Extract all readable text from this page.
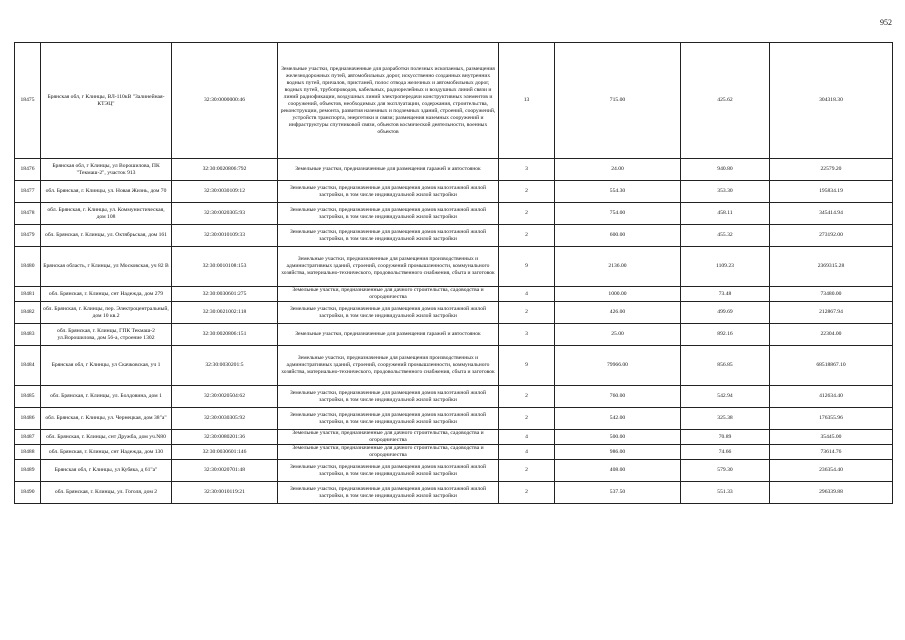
952
18475	Брянская обл, г Клинцы, ВЛ-110кВ "Залинейная-КТЭЦ"	32:30:0000000:46	Земельные участки, предназначенные для разработки полезных ископаемых, размещения железнодорожных путей, автомобильных дорог, искусственно созданных внутренних водных путей, причалов, пристаней, полос отвода железных и автомобильных дорог, водных путей, трубопроводов, кабельных, радиорелейных и воздушных линий связи и линий радиофикации, воздушных линий электропередачи конструктивных элементов и сооружений, объектов, необходимых для эксплуатации, содержания, строительства, реконструкции, ремонта, развития наземных и подземных зданий, строений, сооружений, устройств транспорта, энергетики и связи; размещения наземных сооружений и инфраструктуры спутниковой связи, объектов космической деятельности, военных объектов	13	715.00	425.62	304318.30
18476	Брянская обл, г Клинцы, ул Ворошилова, ПК "Текмаш-2", участок 913	32:30:0020806:792	Земельные участки, предназначенные для размещения гаражей и автостоянок	3	24.00	940.80	22579.20
18477	обл. Брянская, г. Клинцы, ул. Новая Жизнь, дом 70	32:30:0030109:12	Земельные участки, предназначенные для размещения домов малоэтажной жилой застройки, в том числе индивидуальной жилой застройки	2	554.30	353.30	195834.19
18478	обл. Брянская, г. Клинцы, ул. Коммунистическая, дом 108	32:30:0020305:93	Земельные участки, предназначенные для размещения домов малоэтажной жилой застройки, в том числе индивидуальной жилой застройки	2	754.00	458.11	345414.94
18479	обл. Брянская, г. Клинцы, ул. Октябрьская, дом 161	32:30:0010109:33	Земельные участки, предназначенные для размещения домов малоэтажной жилой застройки, в том числе индивидуальной жилой застройки	2	600.00	455.32	273192.00
18480	Брянская область, г Клинцы, ул Московская, уч 82 В	32:30:0010108:153	Земельные участки, предназначенные для размещения производственных и административных зданий, строений, сооружений промышленности, коммунального хозяйства, материально-технического, продовольственного снабжения, сбыта и заготовок	9	2136.00	1109.23	2369315.28
18481	обл. Брянская, г. Клинцы, снт Надежда, дом 279	32:30:0030601:275	Земельные участки, предназначенные для дачного строительства, садоводства и огородничества	4	1000.00	73.48	73480.00
18482	обл. Брянская, г. Клинцы, пер. Электроцентральный, дом 10 кв.2	32:30:0021002:118	Земельные участки, предназначенные для размещения домов малоэтажной жилой застройки, в том числе индивидуальной жилой застройки	2	426.00	499.69	212867.94
18483	обл. Брянская, г. Клинцы, ГПК Текмаш-2 ул.Ворошилова, дом 56-а, строение 1302	32:30:0020806:151	Земельные участки, предназначенные для размещения гаражей и автостоянок	3	25.00	892.16	22304.00
18484	Брянская обл, г Клинцы, ул Скачковская, уч 1	32:30:0030201:5	Земельные участки, предназначенные для размещения производственных и административных зданий, строений, сооружений промышленности, коммунального хозяйства, материально-технического, продовольственного снабжения, сбыта и заготовок	9	79966.00	856.85	68518867.10
18485	обл. Брянская, г. Клинцы, ул. Болдовина, дом 1	32:30:0020504:62	Земельные участки, предназначенные для размещения домов малоэтажной жилой застройки, в том числе индивидуальной жилой застройки	2	760.00	542.94	412634.40
18486	обл. Брянская, г. Клинцы, ул. Чернецкая, дом 38"а"	32:30:0030305:92	Земельные участки, предназначенные для размещения домов малоэтажной жилой застройки, в том числе индивидуальной жилой застройки	2	542.00	325.38	176355.96
18487	обл. Брянская, г. Клинцы, снт Дружба, дом уч.N80	32:30:0080201:36	Земельные участки, предназначенные для дачного строительства, садоводства и огородничества	4	500.00	70.89	35445.00
18488	обл. Брянская, г. Клинцы, снт Надежда, дом 130	32:30:0030601:146	Земельные участки, предназначенные для дачного строительства, садоводства и огородничества	4	986.00	74.66	73614.76
18489	Брянская обл, г Клинцы, ул Кубяка, д 61"а"	32:30:0020701:48	Земельные участки, предназначенные для размещения домов малоэтажной жилой застройки, в том числе индивидуальной жилой застройки	2	408.00	579.30	236354.40
18490	обл. Брянская, г. Клинцы, ул. Гоголя, дом 2	32:30:0010119:21	Земельные участки, предназначенные для размещения домов малоэтажной жилой застройки, в том числе индивидуальной жилой застройки	2	537.50	551.33	296339.88
